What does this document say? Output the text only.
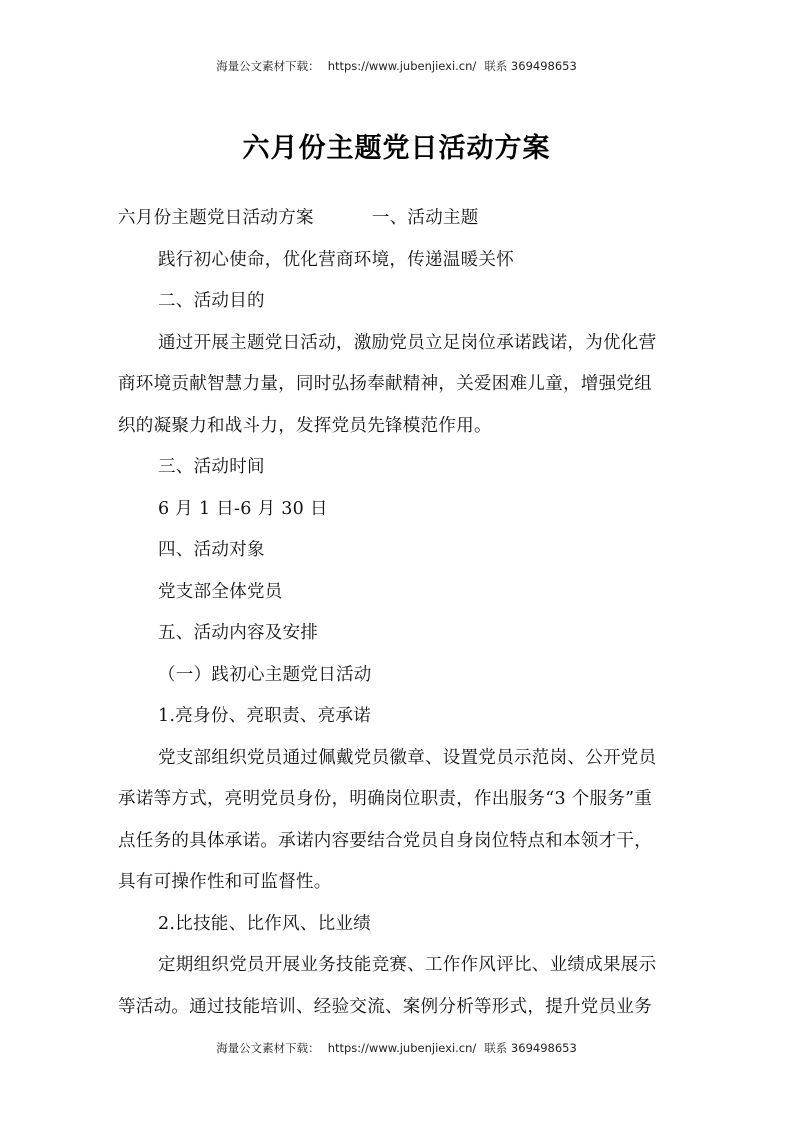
海量公文素材下载： https://www.jubenjiexi.cn/ 联系 369498653
六月份主题党日活动方案

六月份主题党日活动方案	一、活动主题

践行初心使命，优化营商环境，传递温暖关怀

二、活动目的

通过开展主题党日活动，激励党员立足岗位承诺践诺，为优化营

商环境贡献智慧力量，同时弘扬奉献精神，关爱困难儿童，增强党组

织的凝聚力和战斗力，发挥党员先锋模范作用。

三、活动时间

6 月 1 日-6 月 30 日

四、活动对象

党支部全体党员

五、活动内容及安排

（一）践初心主题党日活动

1.亮身份、亮职责、亮承诺

党支部组织党员通过佩戴党员徽章、设置党员示范岗、公开党员

承诺等方式，亮明党员身份，明确岗位职责，作出服务“3 个服务”重

点任务的具体承诺。承诺内容要结合党员自身岗位特点和本领才干，

具有可操作性和可监督性。

2.比技能、比作风、比业绩

定期组织党员开展业务技能竞赛、工作作风评比、业绩成果展示

等活动。通过技能培训、经验交流、案例分析等形式，提升党员业务

海量公文素材下载： https://www.jubenjiexi.cn/ 联系 369498653
